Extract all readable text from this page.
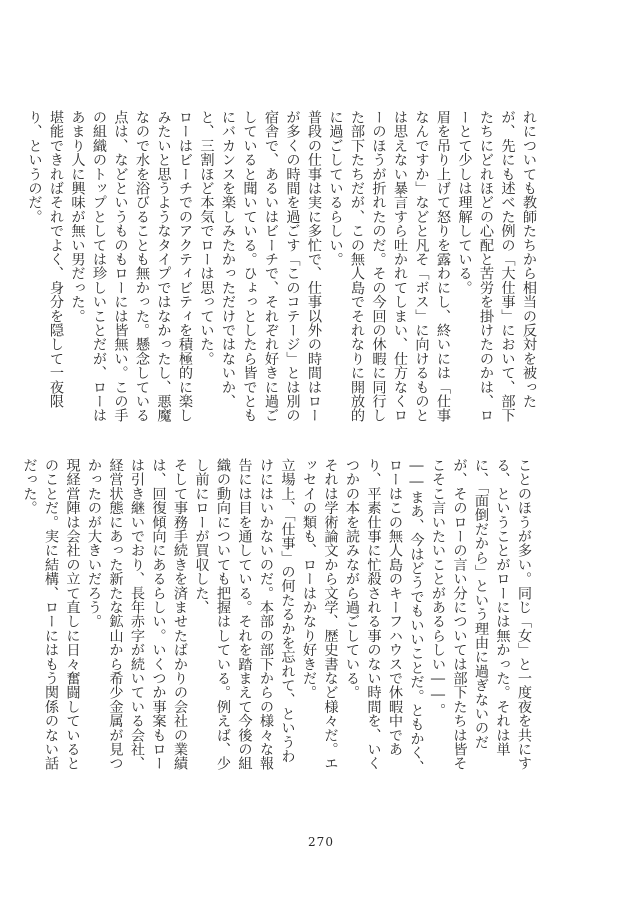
れについても教師たちから相当の反対を被ったが、先にも述べた例の「大仕事」において、部下たちにどれほどの心配と苦労を掛けたのかは、ローとて少しは理解している。

眉を吊り上げて怒りを露わにし、終いには「仕事なんですか」などと凡そ「ボス」に向けるものとは思えない暴言すら吐かれてしまい、仕方なくローのほうが折れたのだ。その今回の休暇に同行した部下たちだが、この無人島でそれなりに開放的に過ごしているらしい。

普段の仕事は実に多忙で、仕事以外の時間はローが多くの時間を過ごす「このコテージ」とは別の宿舎で、あるいはビーチで、それぞれ好きに過ごしていると聞いている。ひょっとしたら皆でともにバカンスを楽しみたかっただけではないか、と、三割ほど本気でローは思っていた。

ローはビーチでのアクティビティを積極的に楽しみたいと思うようなタイプではなかったし、悪魔なので水を浴びることも無かった。懸念している点は、などというものもローには皆無い。この手の組織のトップとしては珍しいことだが、ローはあまり人に興味が無い男だった。

堪能できればそれでよく、身分を隠して一夜限り、というのだ。

ことのほうが多い。同じ「女」と一度夜を共にする、ということがローには無かった。それは単に、「面倒だから」という理由に過ぎないのだが、そのローの言い分については部下たちは皆そこそこ言いたいことがあるらしい――。

――まあ、今はどうでもいいことだ。ともかく、ローはこの無人島のキーフハウスで休暇中であり、平素仕事に忙殺される事のない時間を、いくつかの本を読みながら過ごしている。

それは学術論文から文学、歴史書など様々だ。エッセイの類も、ローはかなり好きだ。

立場上、「仕事」の何たるかを忘れて、というわけにはいかないのだ。本部の部下からの様々な報告には目を通している。それを踏まえて今後の組織の動向についても把握はしている。例えば、少し前にローが買収した、

そして事務手続きを済ませたばかりの会社の業績は、回復傾向にあるらしい。いくつか事案もローは引き継いでおり、長年赤字が続いている会社、経営状態にあった新たな鉱山から希少金属が見つかったのが大きいだろう。

現経営陣は会社の立て直しに日々奮闘しているとのことだ。実に結構、ローにはもう関係のない話だった。

270
